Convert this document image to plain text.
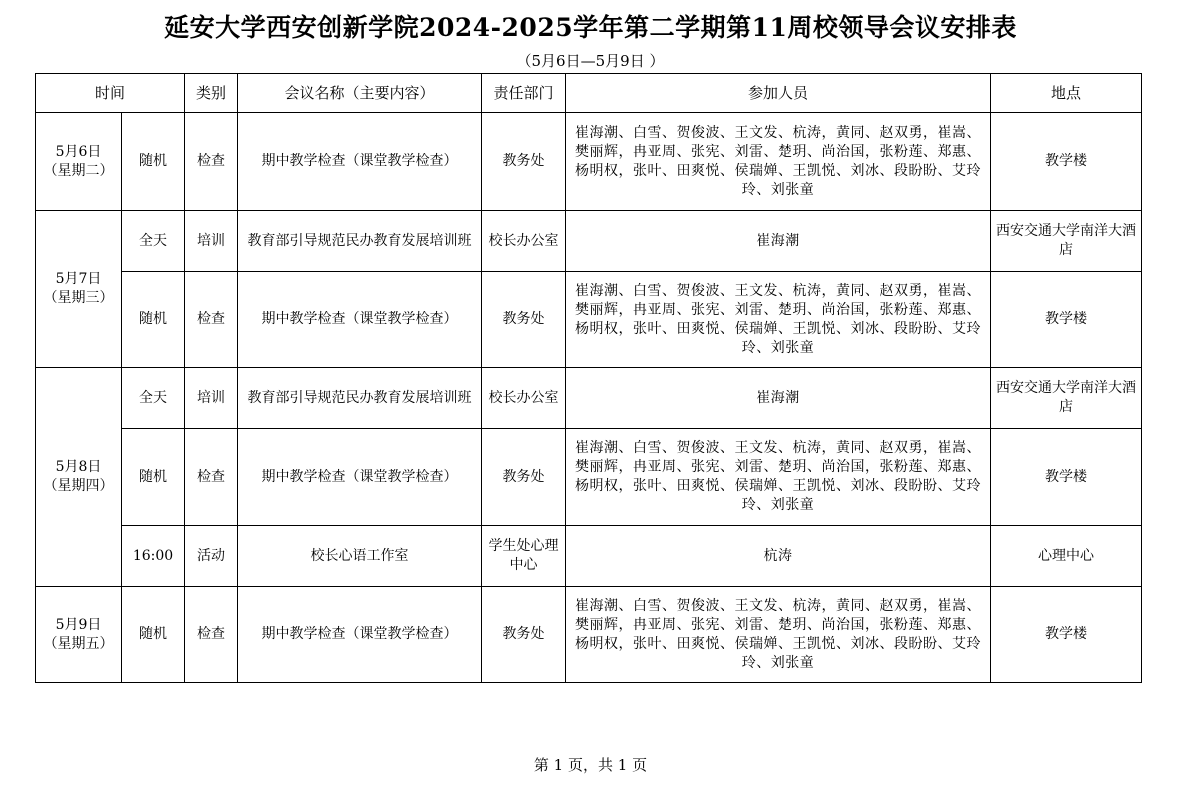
延安大学西安创新学院2024-2025学年第二学期第11周校领导会议安排表
（5月6日—5月9日 ）
时间		类别	会议名称（主要内容）	责任部门	参加人员	地点
5月6日
（星期二）	随机	检查	期中教学检查（课堂教学检查）	教务处	崔海潮、白雪、贺俊波、王文发、杭涛，黄同、赵双勇，崔嵩、樊丽辉，冉亚周、张宪、刘雷、楚玥、尚治国，张粉莲、郑惠、杨明权，张叶、田爽悦、侯瑞婵、王凯悦、刘冰、段盼盼、艾玲玲、刘张童	教学楼
5月7日
（星期三）	全天	培训	教育部引导规范民办教育发展培训班	校长办公室	崔海潮	西安交通大学南洋大酒店
	随机	检查	期中教学检查（课堂教学检查）	教务处	崔海潮、白雪、贺俊波、王文发、杭涛，黄同、赵双勇，崔嵩、樊丽辉，冉亚周、张宪、刘雷、楚玥、尚治国，张粉莲、郑惠、杨明权，张叶、田爽悦、侯瑞婵、王凯悦、刘冰、段盼盼、艾玲玲、刘张童	教学楼
5月8日
（星期四）	全天	培训	教育部引导规范民办教育发展培训班	校长办公室	崔海潮	西安交通大学南洋大酒店
	随机	检查	期中教学检查（课堂教学检查）	教务处	崔海潮、白雪、贺俊波、王文发、杭涛，黄同、赵双勇，崔嵩、樊丽辉，冉亚周、张宪、刘雷、楚玥、尚治国，张粉莲、郑惠、杨明权，张叶、田爽悦、侯瑞婵、王凯悦、刘冰、段盼盼、艾玲玲、刘张童	教学楼
	16:00	活动	校长心语工作室	学生处心理中心	杭涛	心理中心
5月9日
（星期五）	随机	检查	期中教学检查（课堂教学检查）	教务处	崔海潮、白雪、贺俊波、王文发、杭涛，黄同、赵双勇，崔嵩、樊丽辉，冉亚周、张宪、刘雷、楚玥、尚治国，张粉莲、郑惠、杨明权，张叶、田爽悦、侯瑞婵、王凯悦、刘冰、段盼盼、艾玲玲、刘张童	教学楼
第 1 页，共 1 页
